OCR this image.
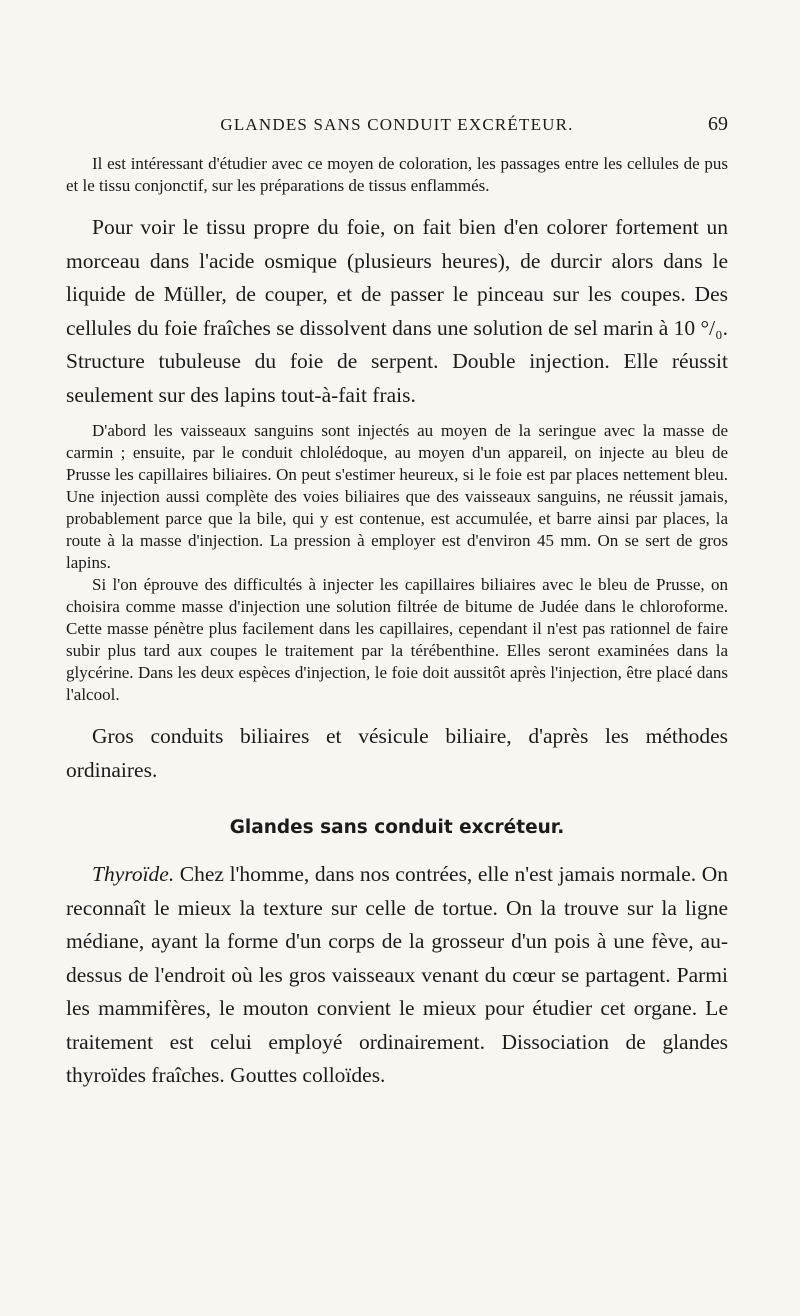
GLANDES SANS CONDUIT EXCRÉTEUR.	69

Il est intéressant d'étudier avec ce moyen de coloration, les passages entre les cellules de pus et le tissu conjonctif, sur les préparations de tissus enflammés.

Pour voir le tissu propre du foie, on fait bien d'en colorer fortement un morceau dans l'acide osmique (plusieurs heures), de durcir alors dans le liquide de Müller, de couper, et de passer le pinceau sur les coupes. Des cellules du foie fraîches se dissolvent dans une solution de sel marin à 10 °/₀. Structure tubuleuse du foie de serpent. Double injection. Elle réussit seulement sur des lapins tout-à-fait frais.

D'abord les vaisseaux sanguins sont injectés au moyen de la seringue avec la masse de carmin ; ensuite, par le conduit chlolédoque, au moyen d'un appareil, on injecte au bleu de Prusse les capillaires biliaires. On peut s'estimer heureux, si le foie est par places nettement bleu. Une injection aussi complète des voies biliaires que des vaisseaux sanguins, ne réussit jamais, probablement parce que la bile, qui y est contenue, est accumulée, et barre ainsi par places, la route à la masse d'injection. La pression à employer est d'environ 45 mm. On se sert de gros lapins.

Si l'on éprouve des difficultés à injecter les capillaires biliaires avec le bleu de Prusse, on choisira comme masse d'injection une solution filtrée de bitume de Judée dans le chloroforme. Cette masse pénètre plus facilement dans les capillaires, cependant il n'est pas rationnel de faire subir plus tard aux coupes le traitement par la térébenthine. Elles seront examinées dans la glycérine. Dans les deux espèces d'injection, le foie doit aussitôt après l'injection, être placé dans l'alcool.

Gros conduits biliaires et vésicule biliaire, d'après les méthodes ordinaires.

Glandes sans conduit excréteur.

Thyroïde. Chez l'homme, dans nos contrées, elle n'est jamais normale. On reconnaît le mieux la texture sur celle de tortue. On la trouve sur la ligne médiane, ayant la forme d'un corps de la grosseur d'un pois à une fève, au-dessus de l'endroit où les gros vaisseaux venant du cœur se partagent. Parmi les mammifères, le mouton convient le mieux pour étudier cet organe. Le traitement est celui employé ordinairement. Dissociation de glandes thyroïdes fraîches. Gouttes colloïdes.
